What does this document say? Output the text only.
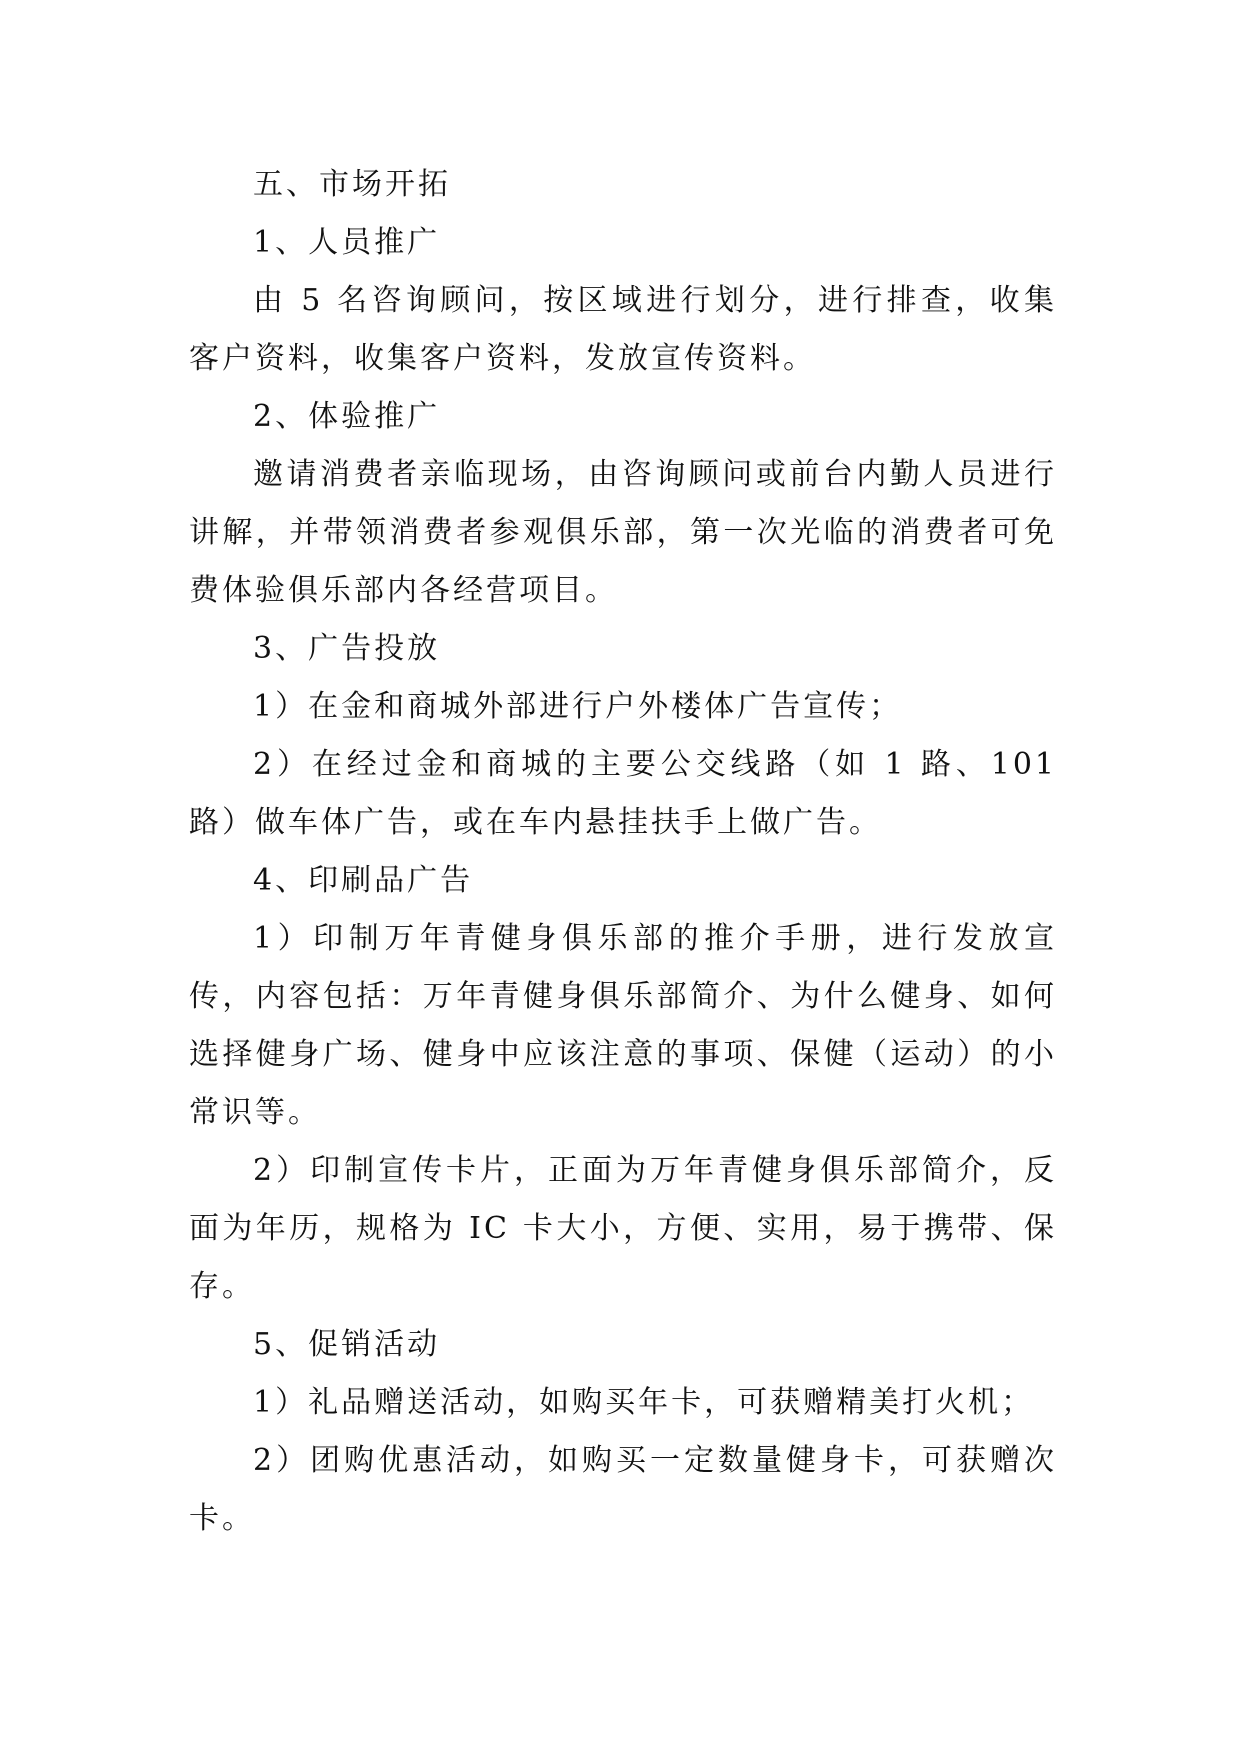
五、市场开拓

1、人员推广

由 5 名咨询顾问，按区域进行划分，进行排查，收集客户资料，收集客户资料，发放宣传资料。

2、体验推广

邀请消费者亲临现场，由咨询顾问或前台内勤人员进行讲解，并带领消费者参观俱乐部，第一次光临的消费者可免费体验俱乐部内各经营项目。

3、广告投放

1）在金和商城外部进行户外楼体广告宣传；

2）在经过金和商城的主要公交线路（如 1 路、101 路）做车体广告，或在车内悬挂扶手上做广告。

4、印刷品广告

1）印制万年青健身俱乐部的推介手册，进行发放宣传，内容包括：万年青健身俱乐部简介、为什么健身、如何选择健身广场、健身中应该注意的事项、保健（运动）的小常识等。

2）印制宣传卡片，正面为万年青健身俱乐部简介，反面为年历，规格为 IC 卡大小，方便、实用，易于携带、保存。

5、促销活动

1）礼品赠送活动，如购买年卡，可获赠精美打火机；

2）团购优惠活动，如购买一定数量健身卡，可获赠次卡。
